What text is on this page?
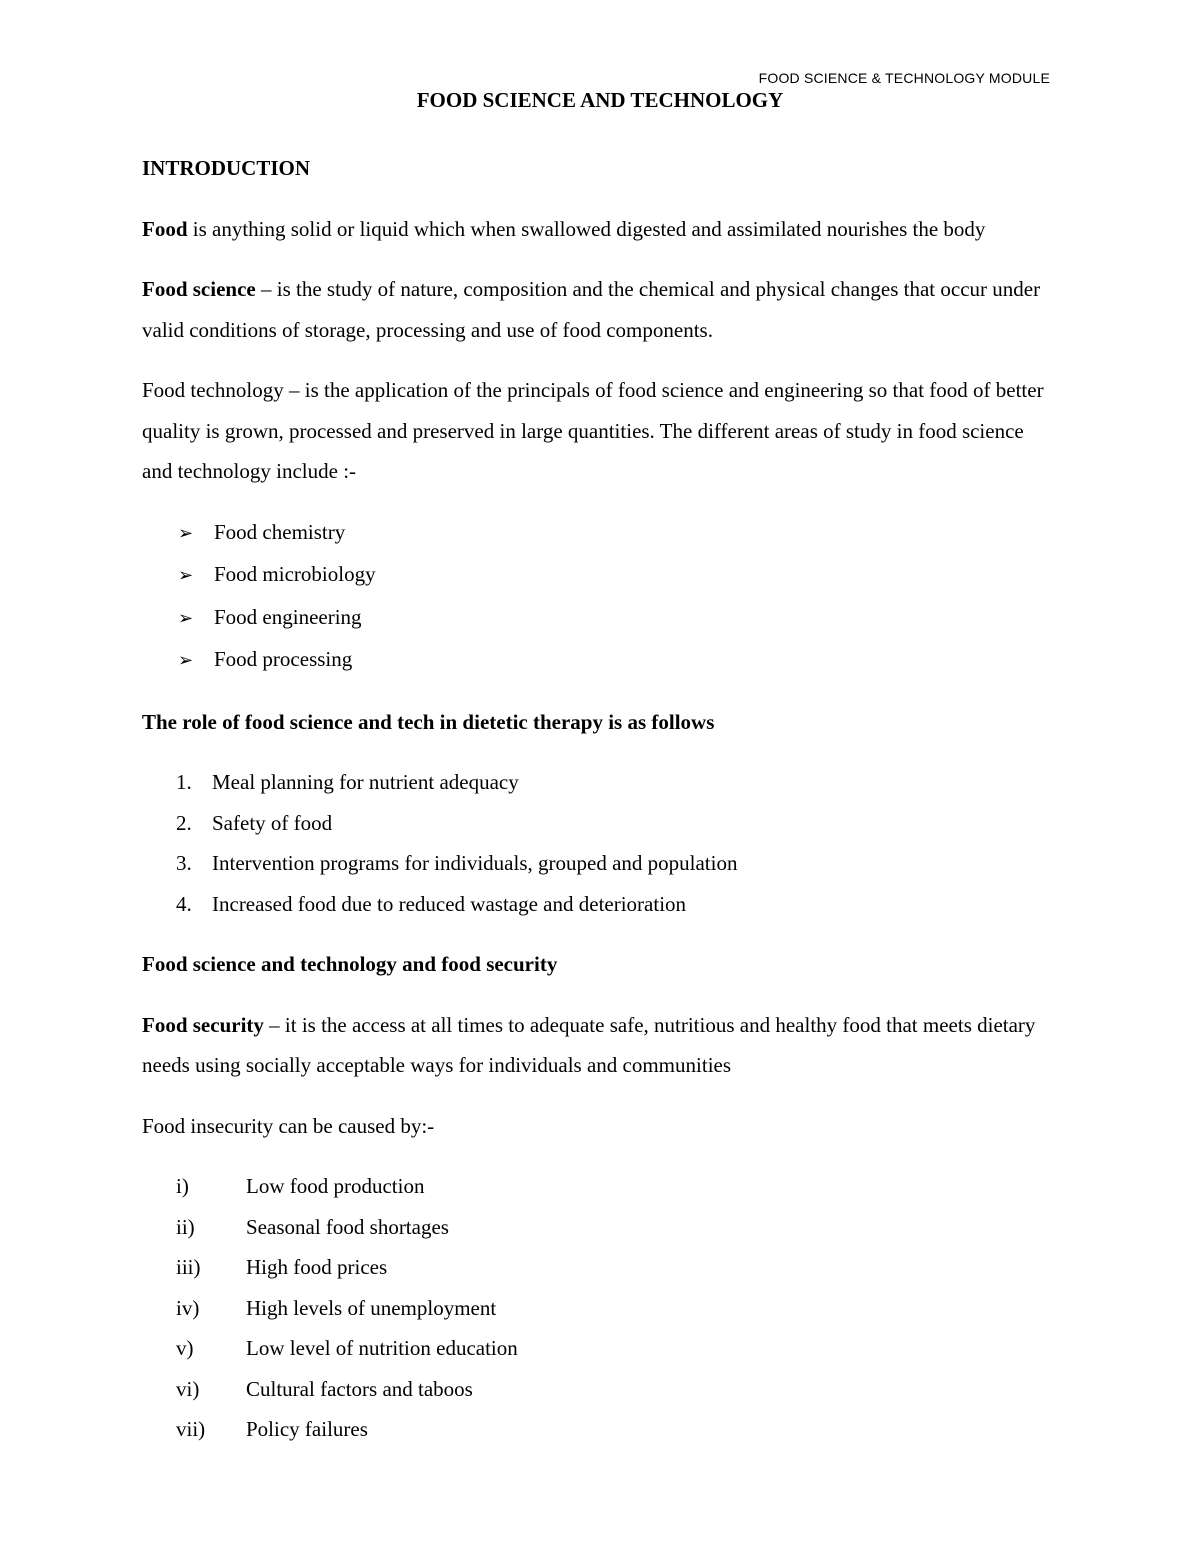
FOOD SCIENCE & TECHNOLOGY MODULE
FOOD SCIENCE AND TECHNOLOGY

INTRODUCTION

Food is anything solid or liquid which when swallowed digested and assimilated nourishes the body

Food science – is the study of nature, composition and the chemical and physical changes that occur under valid conditions of storage, processing and use of food components.

Food technology – is the application of the principals of food science and engineering so that food of better quality is grown, processed and preserved in large quantities. The different areas of study in food science and technology include :-

➢ Food chemistry
➢ Food microbiology
➢ Food engineering
➢ Food processing

The role of food science and tech in dietetic therapy is as follows

1. Meal planning for nutrient adequacy
2. Safety of food
3. Intervention programs for individuals, grouped and population
4. Increased food due to reduced wastage and deterioration

Food science and technology and food security

Food security – it is the access at all times to adequate safe, nutritious and healthy food that meets dietary needs using socially acceptable ways for individuals and communities

Food insecurity can be caused by:-

i)	Low food production
ii)	Seasonal food shortages
iii)	High food prices
iv)	High levels of unemployment
v)	Low level of nutrition education
vi)	Cultural factors and taboos
vii)	Policy failures
